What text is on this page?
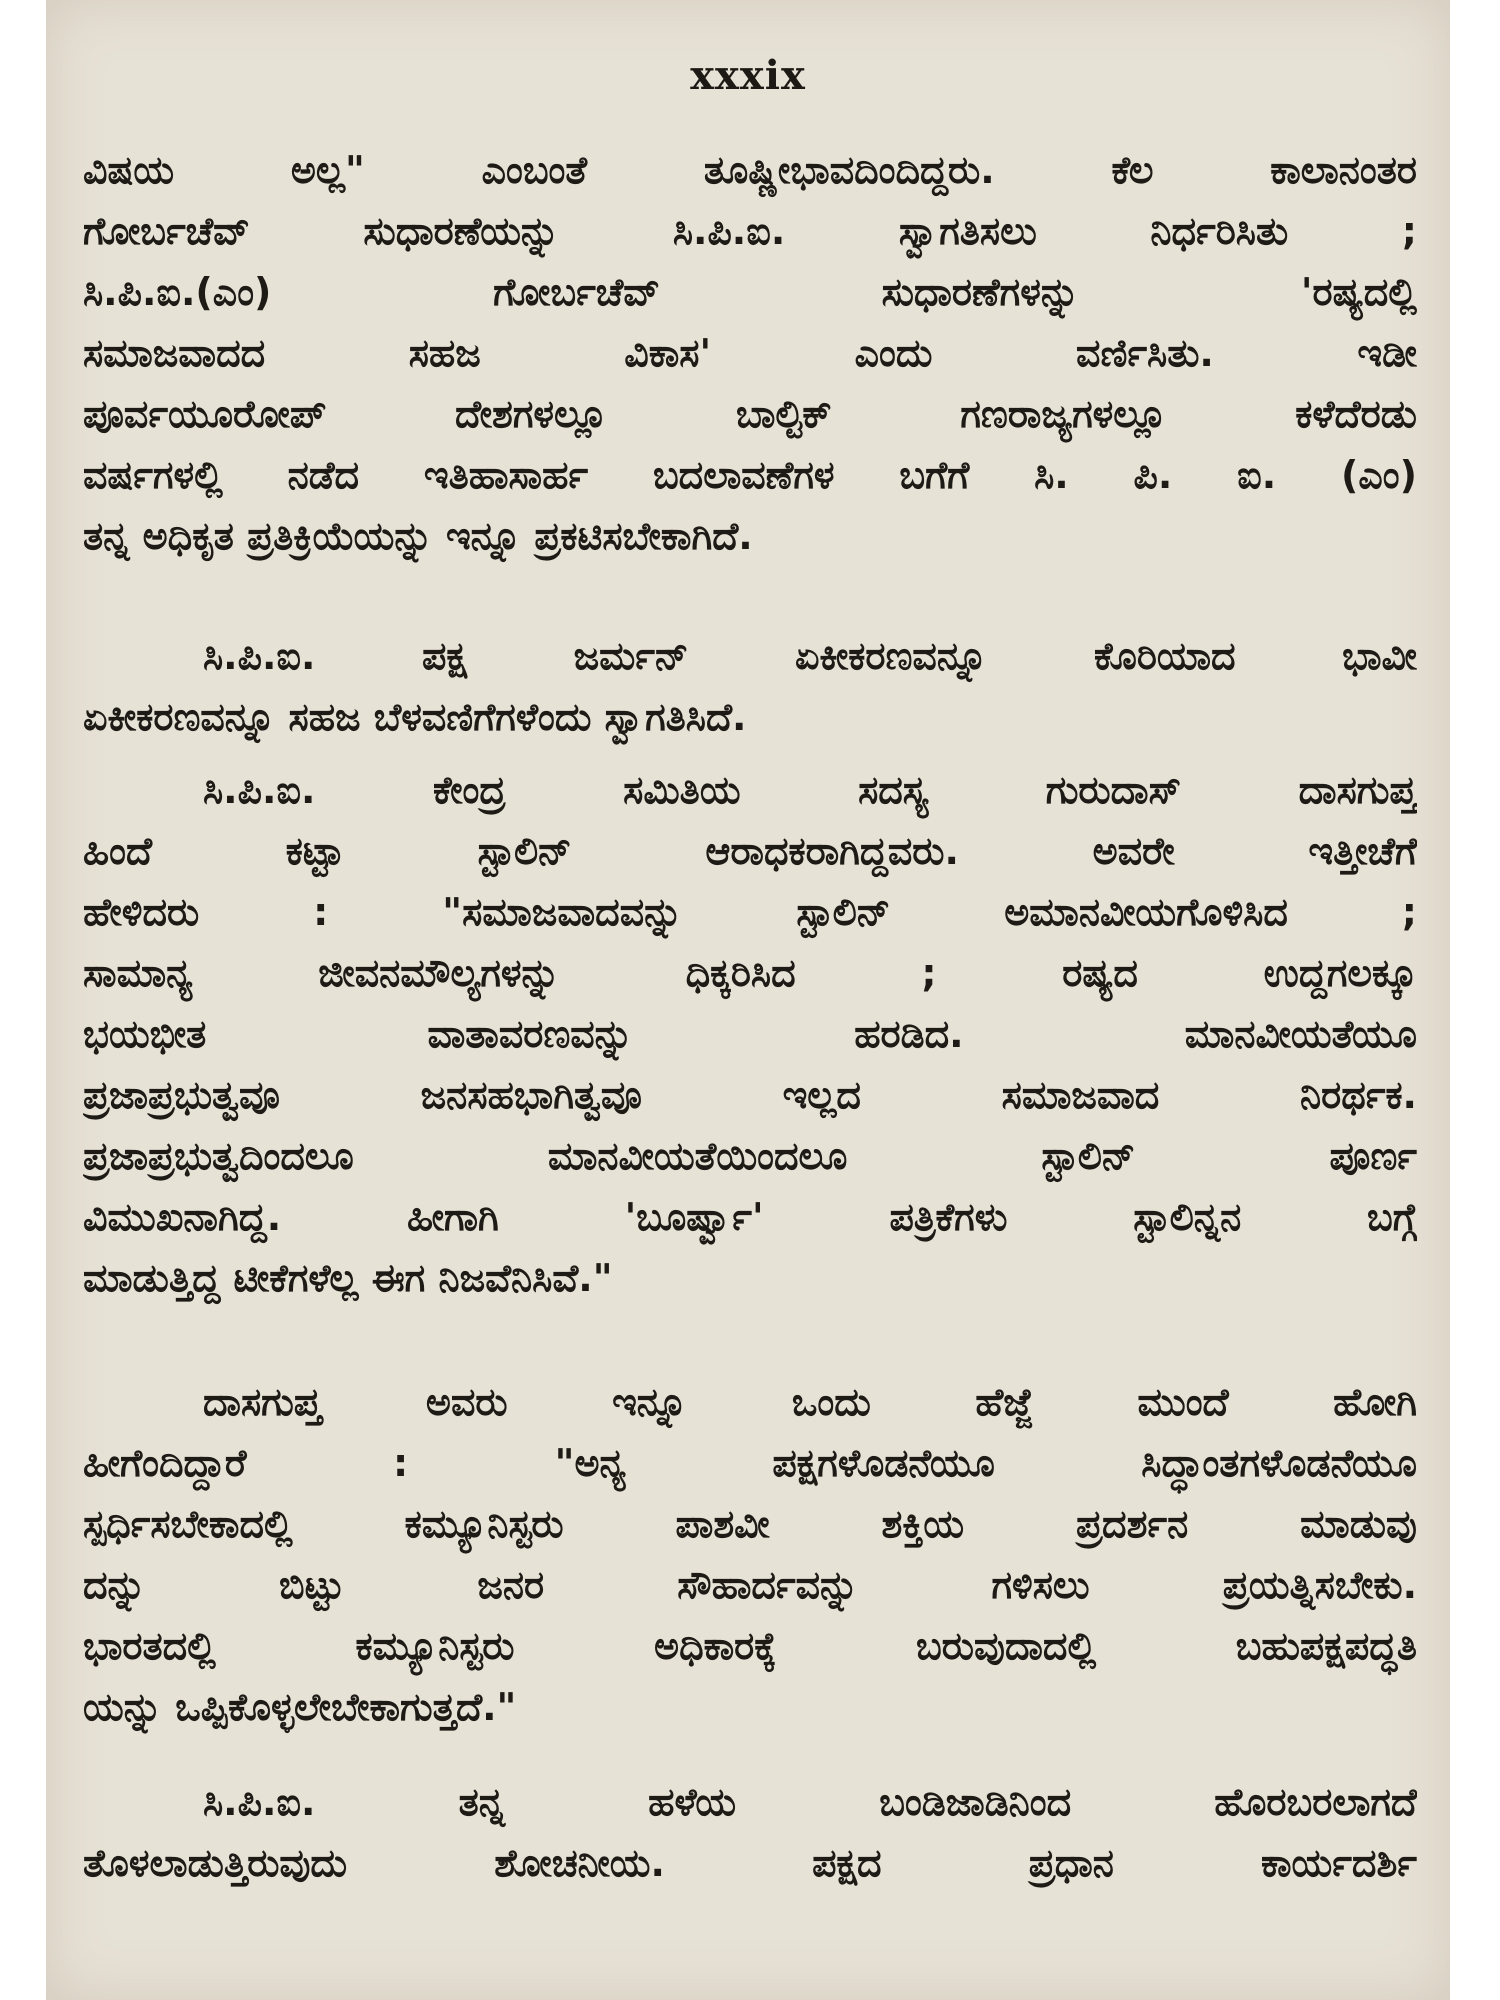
xxxix
ವಿಷಯ ಅಲ್ಲ" ಎಂಬಂತೆ ತೂಷ್ಣೀಭಾವದಿಂದಿದ್ದರು. ಕೆಲ ಕಾಲಾನಂತರ
ಗೋರ್ಬಚೆವ್ ಸುಧಾರಣೆಯನ್ನು ಸಿ.ಪಿ.ಐ. ಸ್ವಾಗತಿಸಲು ನಿರ್ಧರಿಸಿತು ;
ಸಿ.ಪಿ.ಐ.(ಎಂ) ಗೋರ್ಬಚೆವ್ ಸುಧಾರಣೆಗಳನ್ನು 'ರಷ್ಯದಲ್ಲಿ
ಸಮಾಜವಾದದ ಸಹಜ ವಿಕಾಸ' ಎಂದು ವರ್ಣಿಸಿತು. ಇಡೀ
ಪೂರ್ವಯೂರೋಪ್ ದೇಶಗಳಲ್ಲೂ ಬಾಲ್ಟಿಕ್ ಗಣರಾಜ್ಯಗಳಲ್ಲೂ ಕಳೆದೆರಡು
ವರ್ಷಗಳಲ್ಲಿ ನಡೆದ ಇತಿಹಾಸಾರ್ಹ ಬದಲಾವಣೆಗಳ ಬಗೆಗೆ ಸಿ. ಪಿ. ಐ. (ಎಂ)
ತನ್ನ ಅಧಿಕೃತ ಪ್ರತಿಕ್ರಿಯೆಯನ್ನು ಇನ್ನೂ ಪ್ರಕಟಿಸಬೇಕಾಗಿದೆ.
ಸಿ.ಪಿ.ಐ. ಪಕ್ಷ ಜರ್ಮನ್ ಏಕೀಕರಣವನ್ನೂ ಕೊರಿಯಾದ ಭಾವೀ
ಏಕೀಕರಣವನ್ನೂ ಸಹಜ ಬೆಳವಣಿಗೆಗಳೆಂದು ಸ್ವಾಗತಿಸಿದೆ.
ಸಿ.ಪಿ.ಐ. ಕೇಂದ್ರ ಸಮಿತಿಯ ಸದಸ್ಯ ಗುರುದಾಸ್ ದಾಸಗುಪ್ತ
ಹಿಂದೆ ಕಟ್ಟಾ ಸ್ಟಾಲಿನ್ ಆರಾಧಕರಾಗಿದ್ದವರು. ಅವರೇ ಇತ್ತೀಚೆಗೆ
ಹೇಳಿದರು : "ಸಮಾಜವಾದವನ್ನು ಸ್ಟಾಲಿನ್ ಅಮಾನವೀಯಗೊಳಿಸಿದ ;
ಸಾಮಾನ್ಯ ಜೀವನಮೌಲ್ಯಗಳನ್ನು ಧಿಕ್ಕರಿಸಿದ ; ರಷ್ಯದ ಉದ್ದಗಲಕ್ಕೂ
ಭಯಭೀತ ವಾತಾವರಣವನ್ನು ಹರಡಿದ. ಮಾನವೀಯತೆಯೂ
ಪ್ರಜಾಪ್ರಭುತ್ವವೂ ಜನಸಹಭಾಗಿತ್ವವೂ ಇಲ್ಲದ ಸಮಾಜವಾದ ನಿರರ್ಥಕ.
ಪ್ರಜಾಪ್ರಭುತ್ವದಿಂದಲೂ ಮಾನವೀಯತೆಯಿಂದಲೂ ಸ್ಟಾಲಿನ್ ಪೂರ್ಣ
ವಿಮುಖನಾಗಿದ್ದ. ಹೀಗಾಗಿ 'ಬೂರ್ಷ್ವಾ' ಪತ್ರಿಕೆಗಳು ಸ್ಟಾಲಿನ್ನನ ಬಗ್ಗೆ
ಮಾಡುತ್ತಿದ್ದ ಟೀಕೆಗಳೆಲ್ಲ ಈಗ ನಿಜವೆನಿಸಿವೆ."
ದಾಸಗುಪ್ತ ಅವರು ಇನ್ನೂ ಒಂದು ಹೆಜ್ಜೆ ಮುಂದೆ ಹೋಗಿ
ಹೀಗೆಂದಿದ್ದಾರೆ : "ಅನ್ಯ ಪಕ್ಷಗಳೊಡನೆಯೂ ಸಿದ್ಧಾಂತಗಳೊಡನೆಯೂ
ಸ್ಪರ್ಧಿಸಬೇಕಾದಲ್ಲಿ ಕಮ್ಯೂನಿಸ್ಟರು ಪಾಶವೀ ಶಕ್ತಿಯ ಪ್ರದರ್ಶನ ಮಾಡುವು
ದನ್ನು ಬಿಟ್ಟು ಜನರ ಸೌಹಾರ್ದವನ್ನು ಗಳಿಸಲು ಪ್ರಯತ್ನಿಸಬೇಕು.
ಭಾರತದಲ್ಲಿ ಕಮ್ಯೂನಿಸ್ಟರು ಅಧಿಕಾರಕ್ಕೆ ಬರುವುದಾದಲ್ಲಿ ಬಹುಪಕ್ಷಪದ್ಧತಿ
ಯನ್ನು ಒಪ್ಪಿಕೊಳ್ಳಲೇಬೇಕಾಗುತ್ತದೆ."
ಸಿ.ಪಿ.ಐ. ತನ್ನ ಹಳೆಯ ಬಂಡಿಜಾಡಿನಿಂದ ಹೊರಬರಲಾಗದೆ
ತೊಳಲಾಡುತ್ತಿರುವುದು ಶೋಚನೀಯ. ಪಕ್ಷದ ಪ್ರಧಾನ ಕಾರ್ಯದರ್ಶಿ
